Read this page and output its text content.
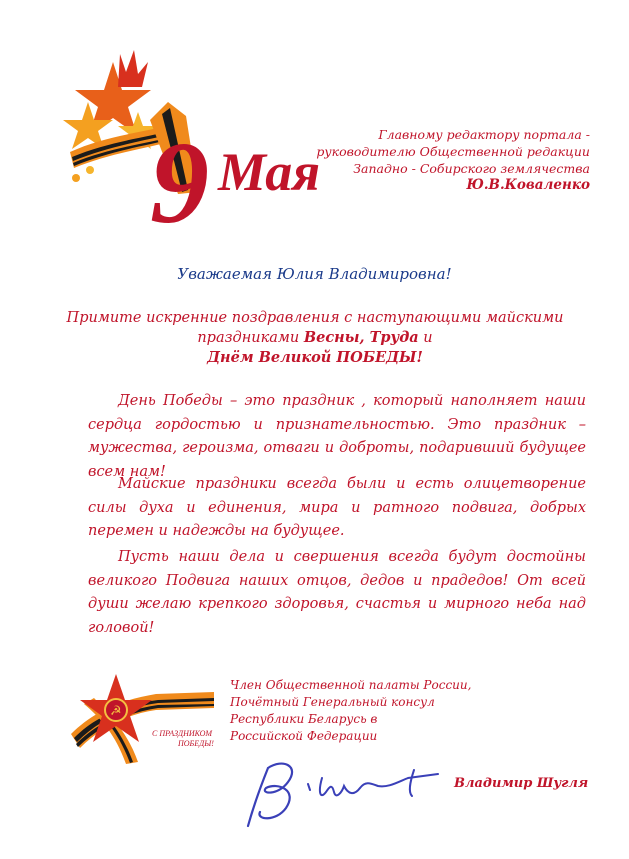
9 Мая
Главному редактору портала -
руководителю Общественной редакции
Западно - Собирского землячества
Ю.В.Коваленко
Уважаемая Юлия Владимировна!
Примите искренние поздравления с наступающими майскими праздниками Весны, Труда и
Днём Великой ПОБЕДЫ!
День Победы – это праздник , который наполняет наши сердца гордостью и признательностью. Это праздник – мужества, героизма, отваги и доброты, подаривший будущее всем нам!
Майские праздники всегда были и есть олицетворение силы духа и единения, мира и ратного подвига, добрых перемен и надежды на будущее.
Пусть наши дела и свершения всегда будут достойны великого Подвига наших отцов, дедов и прадедов! От всей души желаю крепкого здоровья, счастья и мирного неба над головой!
☭
С ПРАЗДНИКОМ
ПОБЕДЫ!
Член Общественной палаты России,
Почётный Генеральный консул
Республики Беларусь в
Российской Федерации
Владимир Шугля
